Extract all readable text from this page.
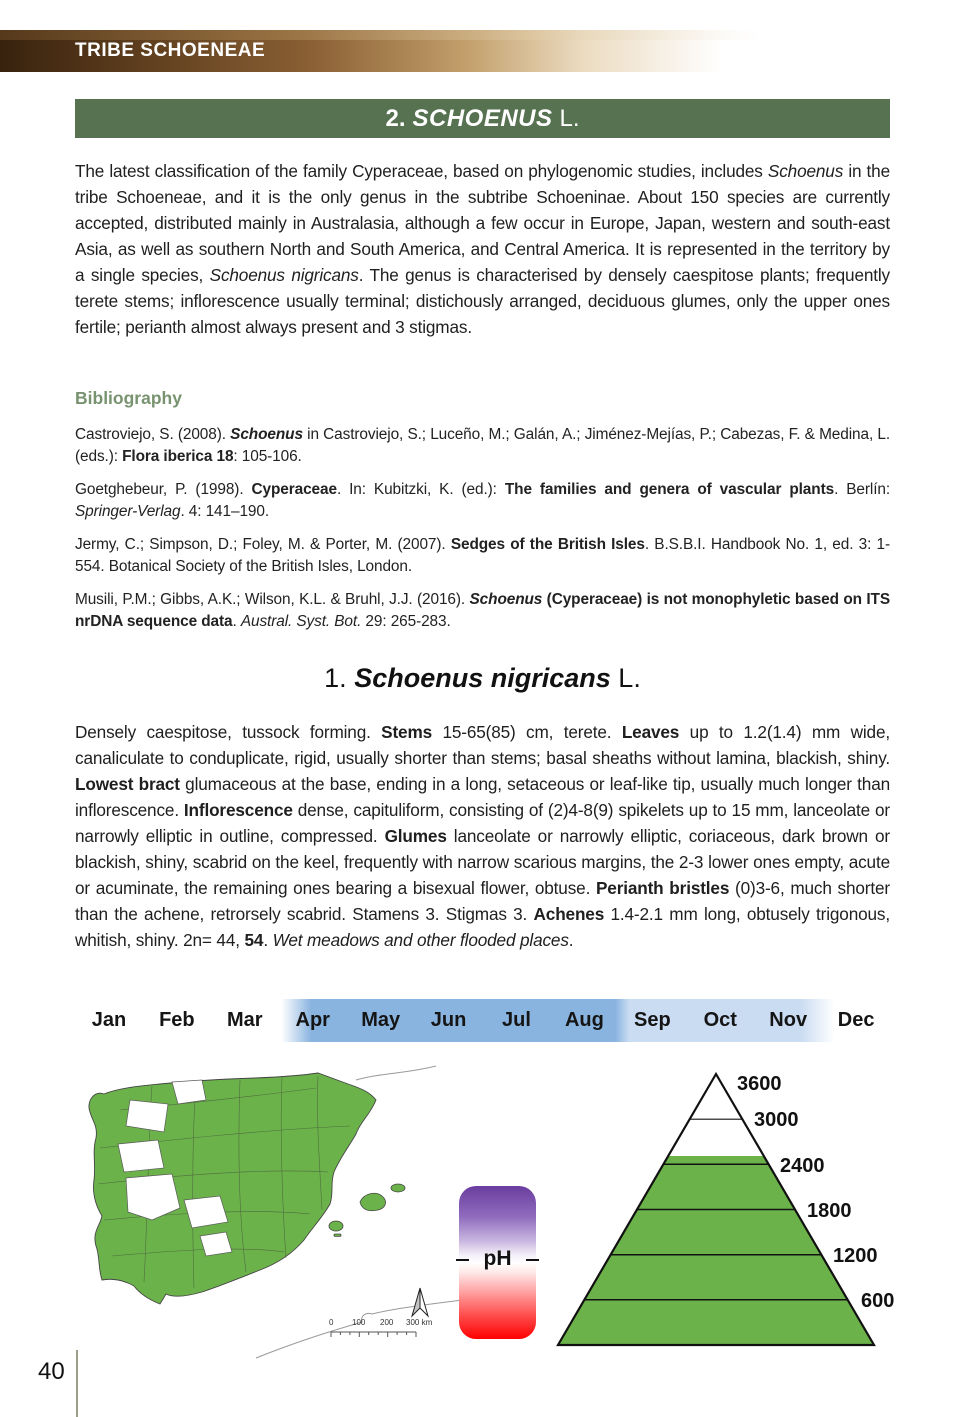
TRIBE SCHOENEAE
2. SCHOENUS L.

The latest classification of the family Cyperaceae, based on phylogenomic studies, includes Schoenus in the tribe Schoeneae, and it is the only genus in the subtribe Schoeninae. About 150 species are currently accepted, distributed mainly in Australasia, although a few occur in Europe, Japan, western and south-east Asia, as well as southern North and South America, and Central America. It is represented in the territory by a single species, Schoenus nigricans. The genus is characterised by densely caespitose plants; frequently terete stems; inflorescence usually terminal; distichously arranged, deciduous glumes, only the upper ones fertile; perianth almost always present and 3 stigmas.

Bibliography

Castroviejo, S. (2008). Schoenus in Castroviejo, S.; Luceño, M.; Galán, A.; Jiménez-Mejías, P.; Cabezas, F. & Medina, L. (eds.): Flora iberica 18: 105-106.

Goetghebeur, P. (1998). Cyperaceae. In: Kubitzki, K. (ed.): The families and genera of vascular plants. Berlín: Springer-Verlag. 4: 141–190.

Jermy, C.; Simpson, D.; Foley, M. & Porter, M. (2007). Sedges of the British Isles. B.S.B.I. Handbook No. 1, ed. 3: 1-554. Botanical Society of the British Isles, London.

Musili, P.M.; Gibbs, A.K.; Wilson, K.L. & Bruhl, J.J. (2016). Schoenus (Cyperaceae) is not monophyletic based on ITS nrDNA sequence data. Austral. Syst. Bot. 29: 265-283.

1. Schoenus nigricans L.

Densely caespitose, tussock forming. Stems 15-65(85) cm, terete. Leaves up to 1.2(1.4) mm wide, canaliculate to conduplicate, rigid, usually shorter than stems; basal sheaths without lamina, blackish, shiny. Lowest bract glumaceous at the base, ending in a long, setaceous or leaf-like tip, usually much longer than inflorescence. Inflorescence dense, capituliform, consisting of (2)4-8(9) spikelets up to 15 mm, lanceolate or narrowly elliptic in outline, compressed. Glumes lanceolate or narrowly elliptic, coriaceous, dark brown or blackish, shiny, scabrid on the keel, frequently with narrow scarious margins, the 2-3 lower ones empty, acute or acuminate, the remaining ones bearing a bisexual flower, obtuse. Perianth bristles (0)3-6, much shorter than the achene, retrorsely scabrid. Stamens 3. Stigmas 3. Achenes 1.4-2.1 mm long, obtusely trigonous, whitish, shiny. 2n= 44, 54. Wet meadows and other flooded places.

Jan	Feb	Mar	Apr	May	Jun	Jul	Aug	Sep	Oct	Nov	Dec
0 100 200 300 km
pH
3600
3000
2400
1800
1200
600
40
